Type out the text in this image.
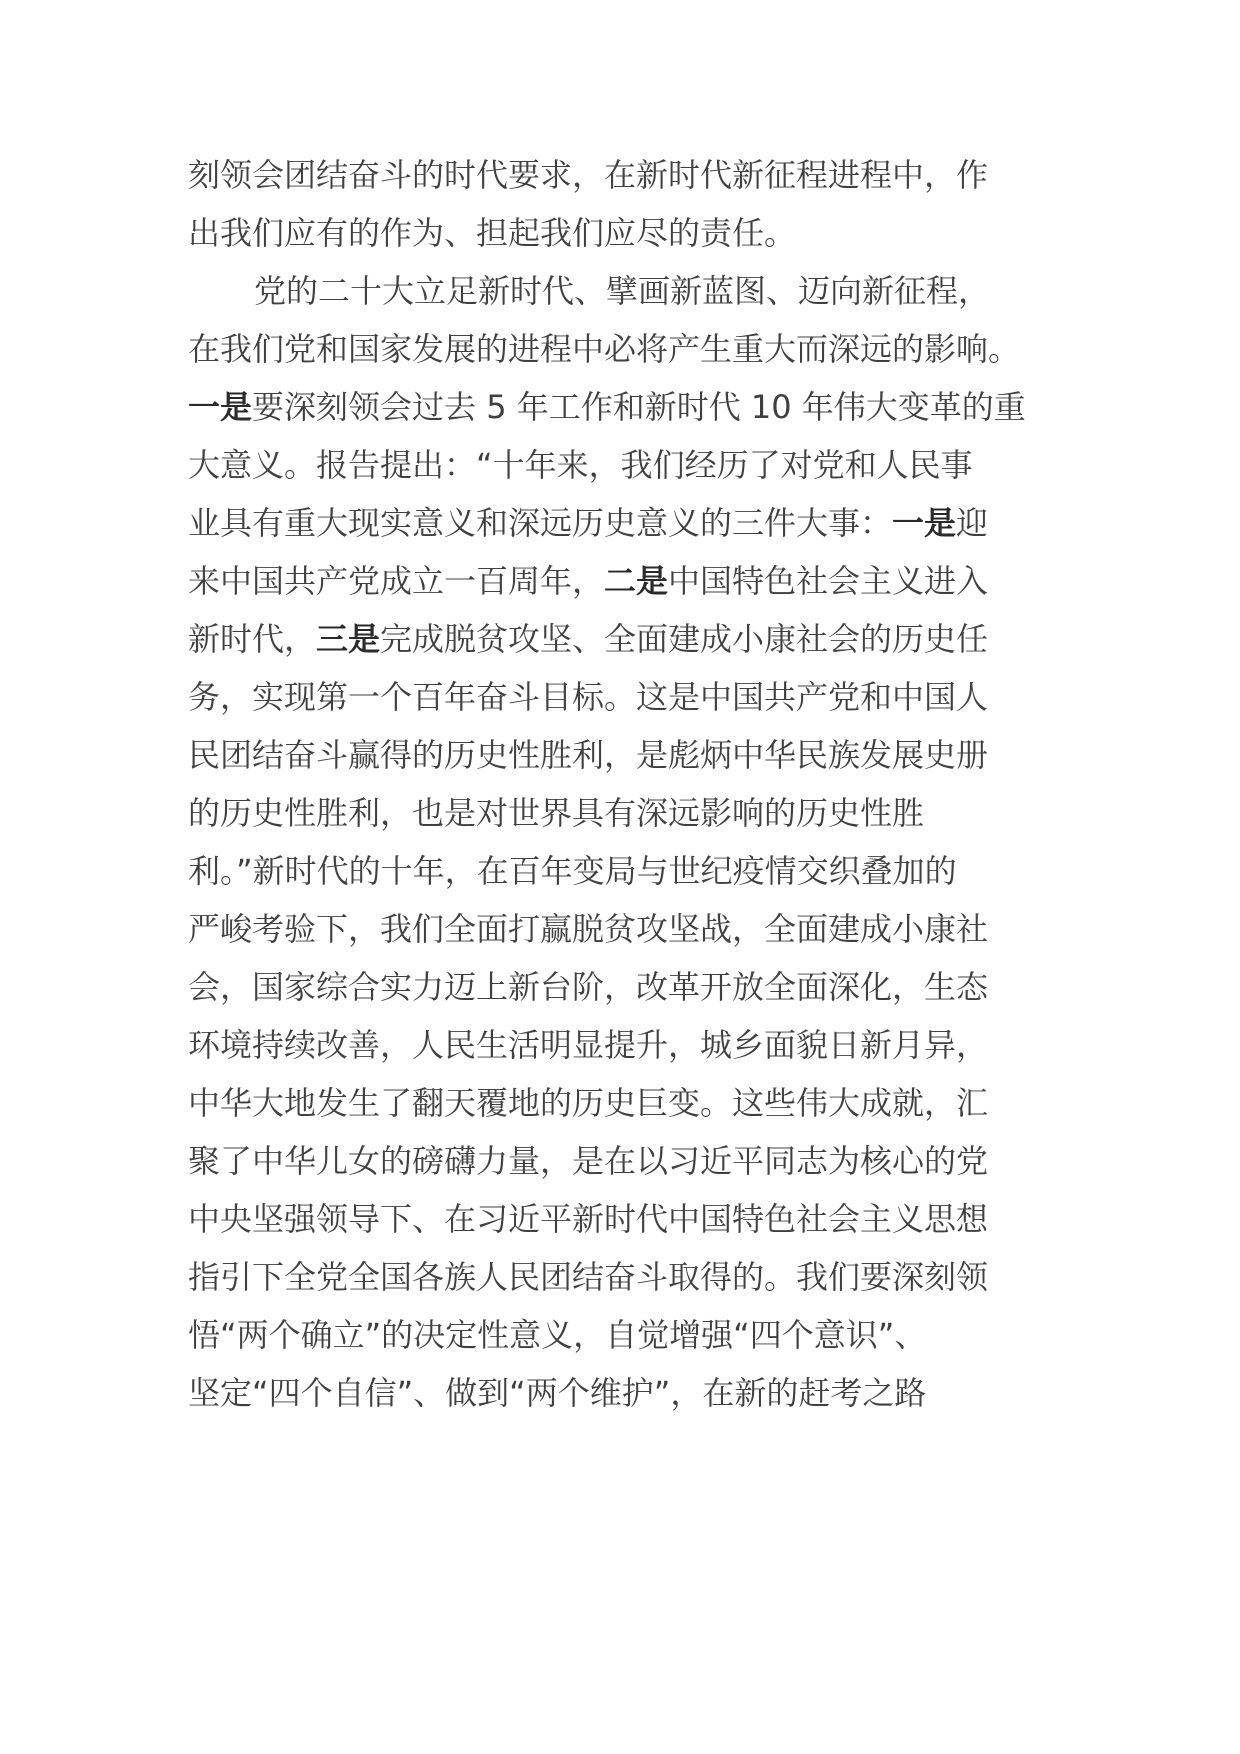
刻领会团结奋斗的时代要求，在新时代新征程进程中，作
出我们应有的作为、担起我们应尽的责任。
党的二十大立足新时代、擘画新蓝图、迈向新征程，
在我们党和国家发展的进程中必将产生重大而深远的影响。
一是要深刻领会过去 5 年工作和新时代 10 年伟大变革的重
大意义。报告提出：“十年来，我们经历了对党和人民事
业具有重大现实意义和深远历史意义的三件大事：一是迎
来中国共产党成立一百周年，二是中国特色社会主义进入
新时代，三是完成脱贫攻坚、全面建成小康社会的历史任
务，实现第一个百年奋斗目标。这是中国共产党和中国人
民团结奋斗赢得的历史性胜利，是彪炳中华民族发展史册
的历史性胜利，也是对世界具有深远影响的历史性胜
利。”新时代的十年，在百年变局与世纪疫情交织叠加的
严峻考验下，我们全面打赢脱贫攻坚战，全面建成小康社
会，国家综合实力迈上新台阶，改革开放全面深化，生态
环境持续改善，人民生活明显提升，城乡面貌日新月异，
中华大地发生了翻天覆地的历史巨变。这些伟大成就，汇
聚了中华儿女的磅礴力量，是在以习近平同志为核心的党
中央坚强领导下、在习近平新时代中国特色社会主义思想
指引下全党全国各族人民团结奋斗取得的。我们要深刻领
悟“两个确立”的决定性意义，自觉增强“四个意识”、
坚定“四个自信”、做到“两个维护”，在新的赶考之路
